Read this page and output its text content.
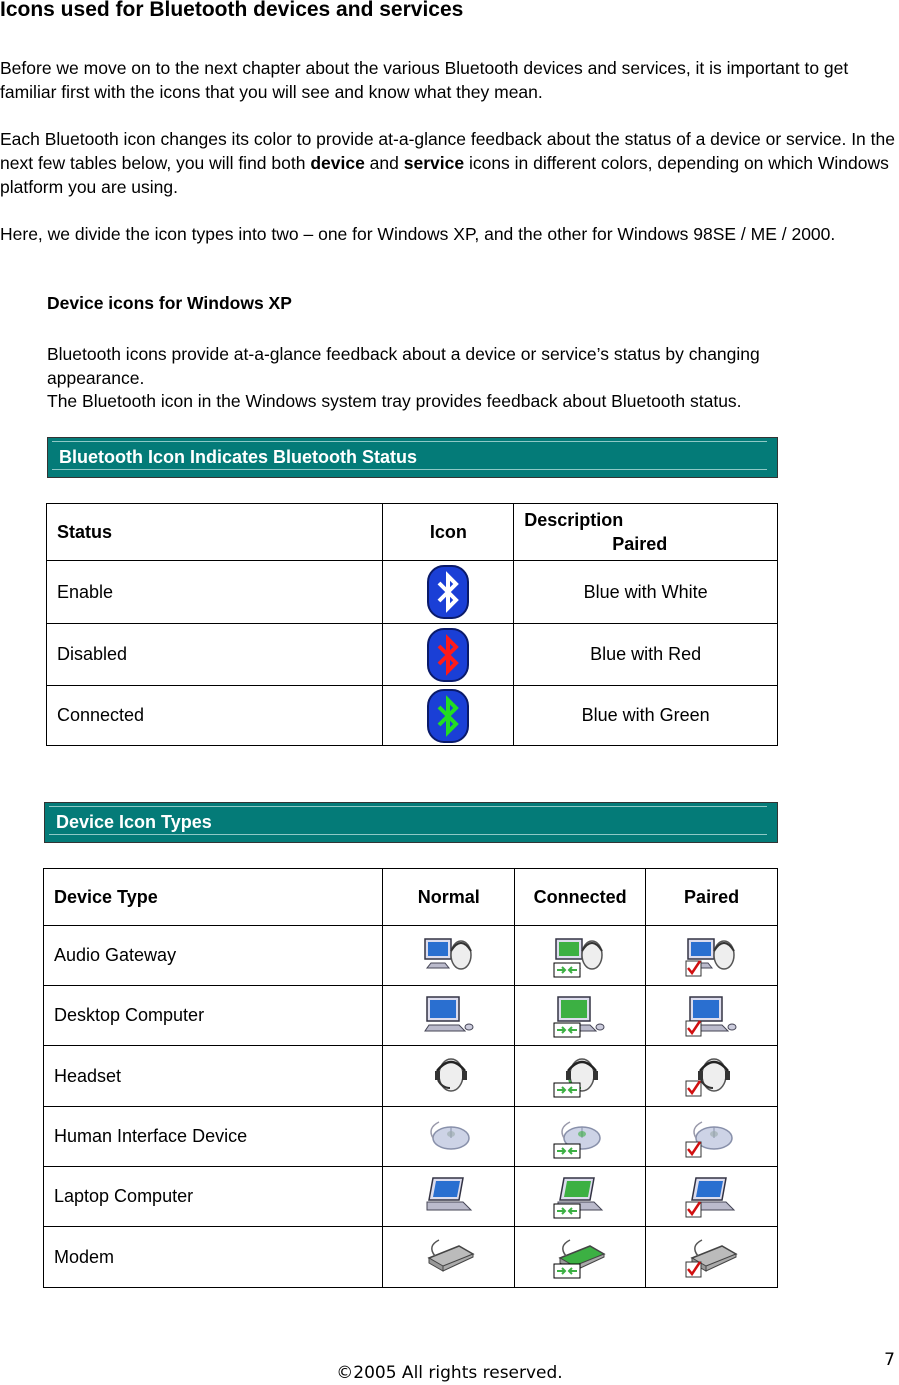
Icons used for Bluetooth devices and services
Before we move on to the next chapter about the various Bluetooth devices and services, it is important to get familiar first with the icons that you will see and know what they mean.
Each Bluetooth icon changes its color to provide at-a-glance feedback about the status of a device or service. In the next few tables below, you will find both device and service icons in different colors, depending on which Windows platform you are using.
Here, we divide the icon types into two – one for Windows XP, and the other for Windows 98SE / ME / 2000.
Device icons for Windows XP
Bluetooth icons provide at-a-glance feedback about a device or service’s status by changing appearance.
The Bluetooth icon in the Windows system tray provides feedback about Bluetooth status.
Bluetooth Icon Indicates Bluetooth Status
Status	Icon	Description
Paired

Enable		Blue with White
Disabled		Blue with Red
Connected		Blue with Green
Device Icon Types
Device Type	Normal	Connected	Paired
Audio Gateway	

Desktop Computer	

Headset	

Human Interface Device	

Laptop Computer	

Modem	

©2005 All rights reserved.
7
